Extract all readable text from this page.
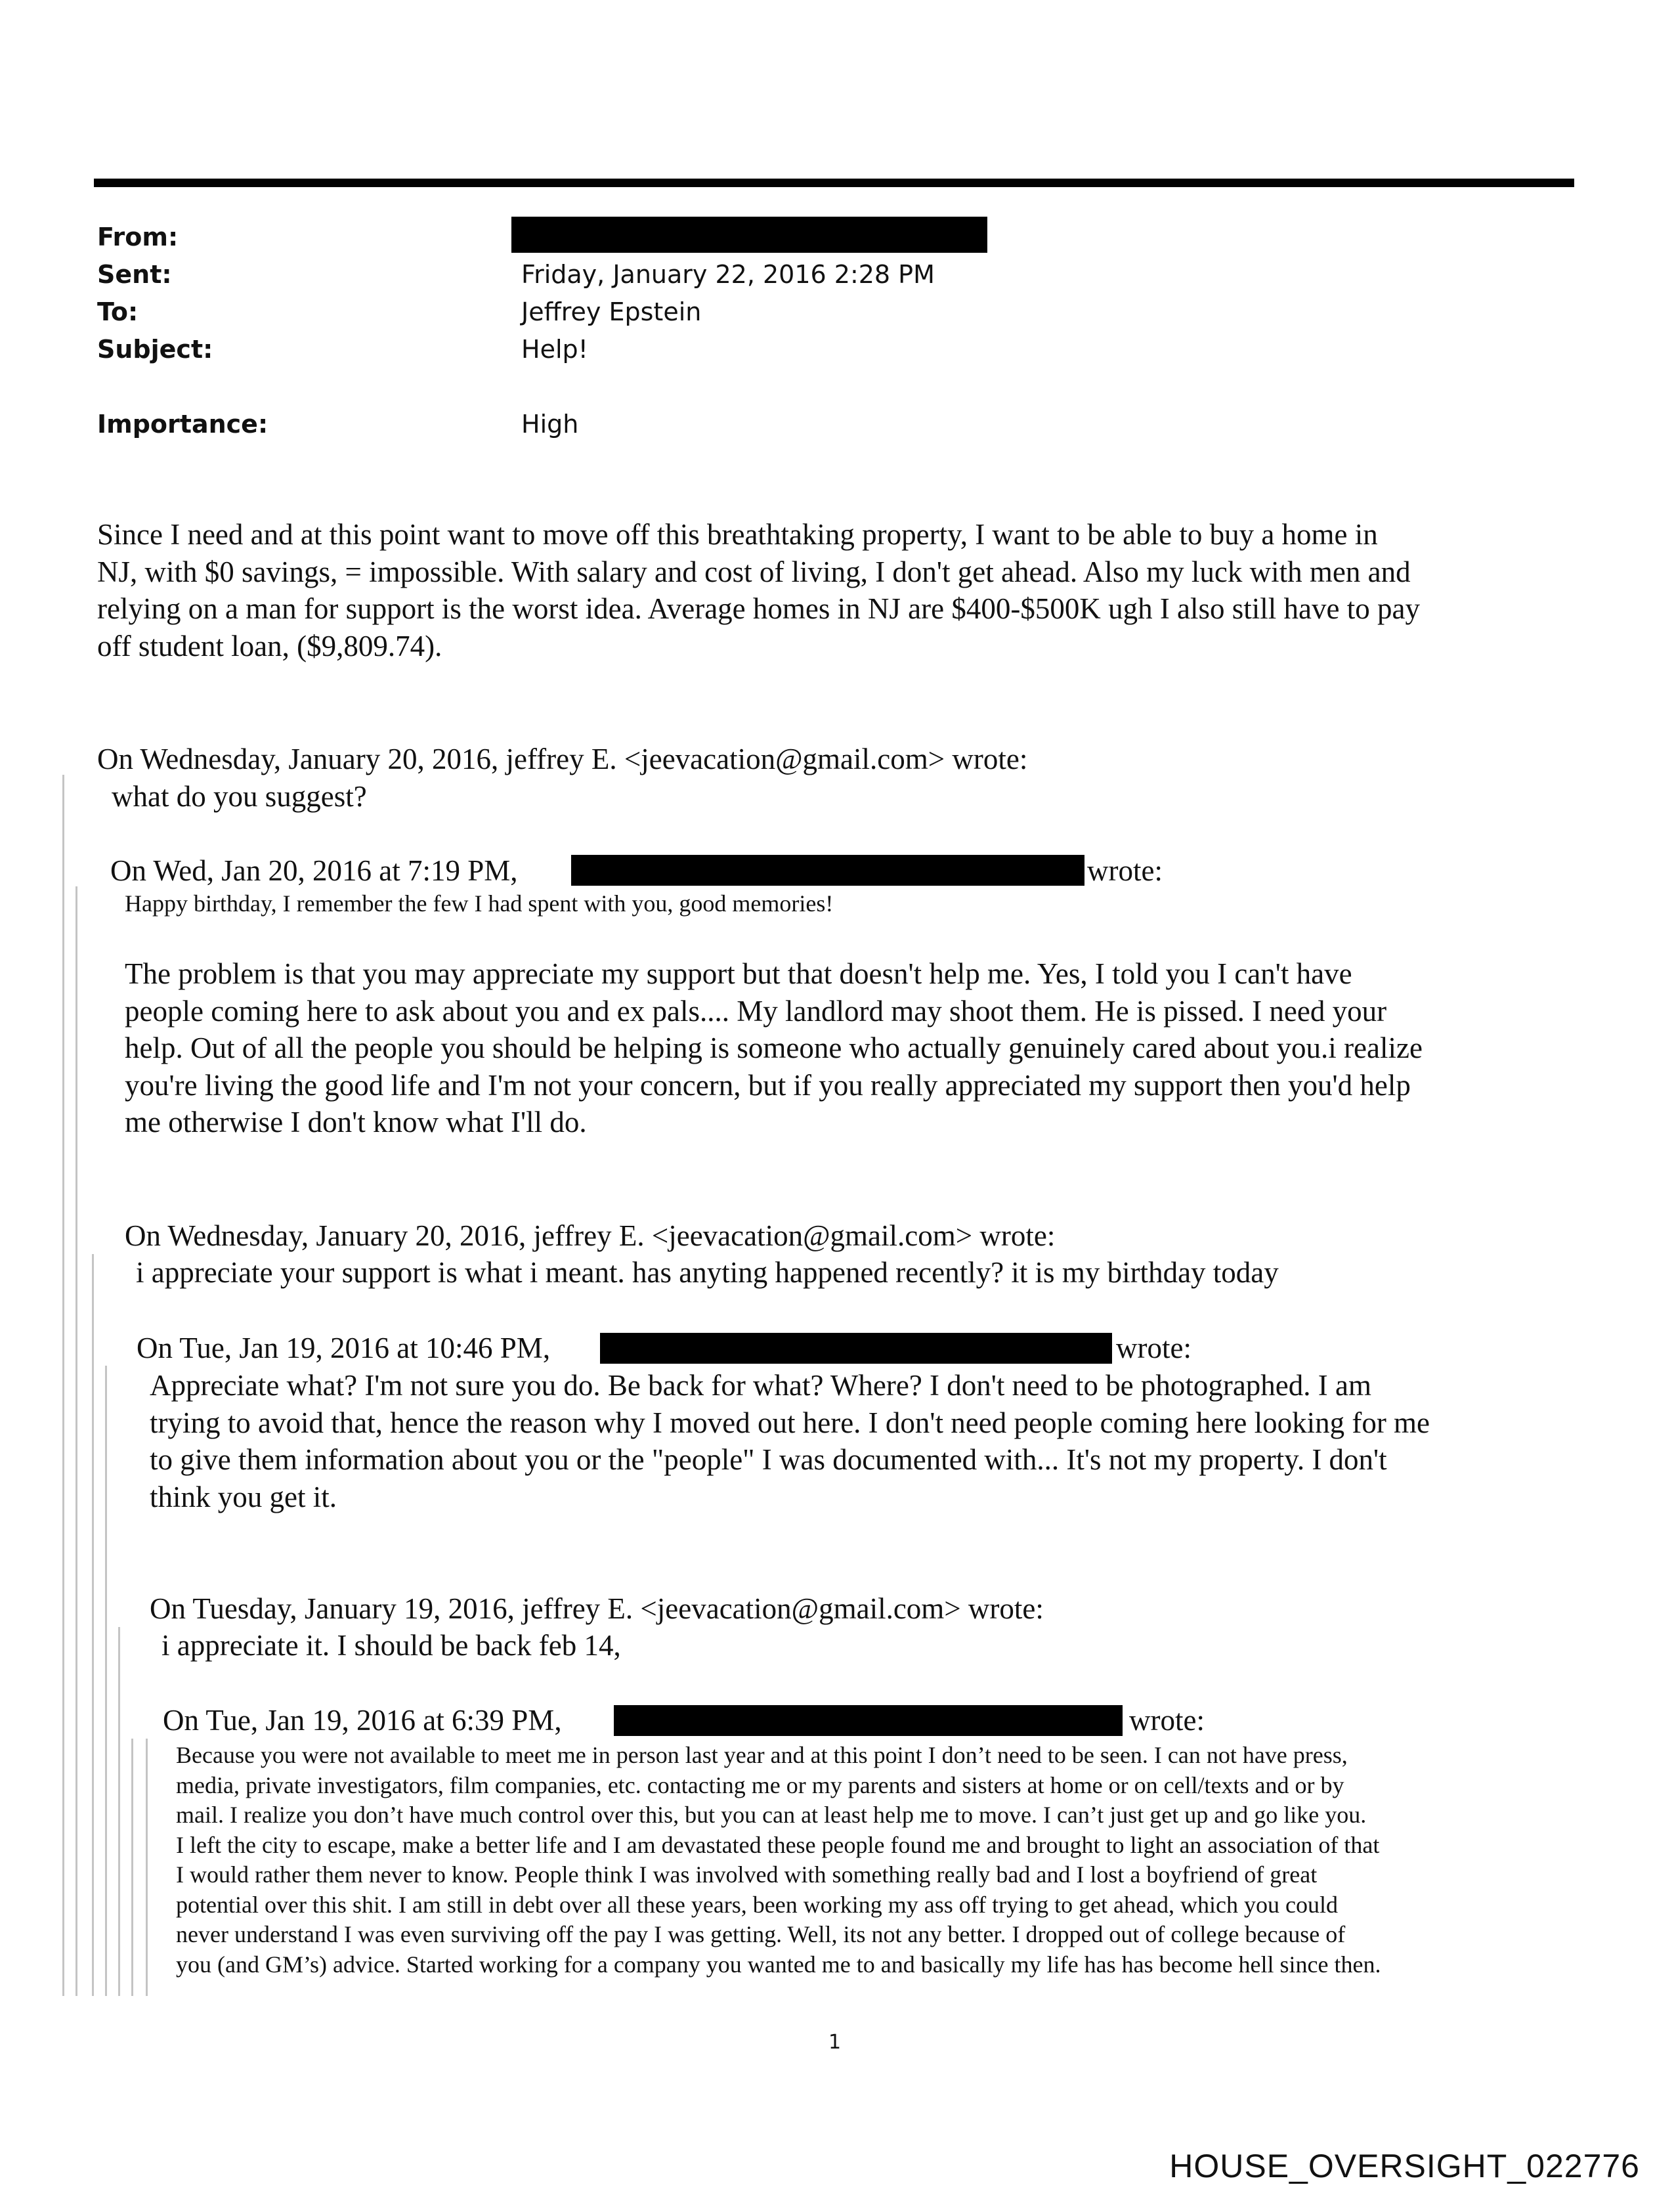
From:
Sent:	Friday, January 22, 2016 2:28 PM
To:	Jeffrey Epstein
Subject:	Help!
Importance:	High

Since I need and at this point want to move off this breathtaking property, I want to be able to buy a home in

NJ, with $0 savings, = impossible. With salary and cost of living, I don't get ahead. Also my luck with men and

relying on a man for support is the worst idea. Average homes in NJ are $400-$500K ugh I also still have to pay

off student loan, ($9,809.74).

On Wednesday, January 20, 2016, jeffrey E. <jeevacation@gmail.com> wrote:
what do you suggest?
On Wed, Jan 20, 2016 at 7:19 PM,	wrote:
Happy birthday, I remember the few I had spent with you, good memories!

The problem is that you may appreciate my support but that doesn't help me. Yes, I told you I can't have

people coming here to ask about you and ex pals.... My landlord may shoot them. He is pissed. I need your

help. Out of all the people you should be helping is someone who actually genuinely cared about you.i realize

you're living the good life and I'm not your concern, but if you really appreciated my support then you'd help

me otherwise I don't know what I'll do.

On Wednesday, January 20, 2016, jeffrey E. <jeevacation@gmail.com> wrote:
i appreciate your support is what i meant. has anyting happened recently? it is my birthday today
On Tue, Jan 19, 2016 at 10:46 PM,	wrote:

Appreciate what? I'm not sure you do. Be back for what? Where? I don't need to be photographed. I am

trying to avoid that, hence the reason why I moved out here. I don't need people coming here looking for me

to give them information about you or the "people" I was documented with... It's not my property. I don't

think you get it.

On Tuesday, January 19, 2016, jeffrey E. <jeevacation@gmail.com> wrote:
i appreciate it. I should be back feb 14,
On Tue, Jan 19, 2016 at 6:39 PM,	wrote:

Because you were not available to meet me in person last year and at this point I don’t need to be seen. I can not have press,

media, private investigators, film companies, etc. contacting me or my parents and sisters at home or on cell/texts and or by

mail. I realize you don’t have much control over this, but you can at least help me to move. I can’t just get up and go like you.

I left the city to escape, make a better life and I am devastated these people found me and brought to light an association of that

I would rather them never to know. People think I was involved with something really bad and I lost a boyfriend of great

potential over this shit. I am still in debt over all these years, been working my ass off trying to get ahead, which you could

never understand I was even surviving off the pay I was getting. Well, its not any better. I dropped out of college because of

you (and GM’s) advice. Started working for a company you wanted me to and basically my life has has become hell since then.

1
HOUSE_OVERSIGHT_022776
